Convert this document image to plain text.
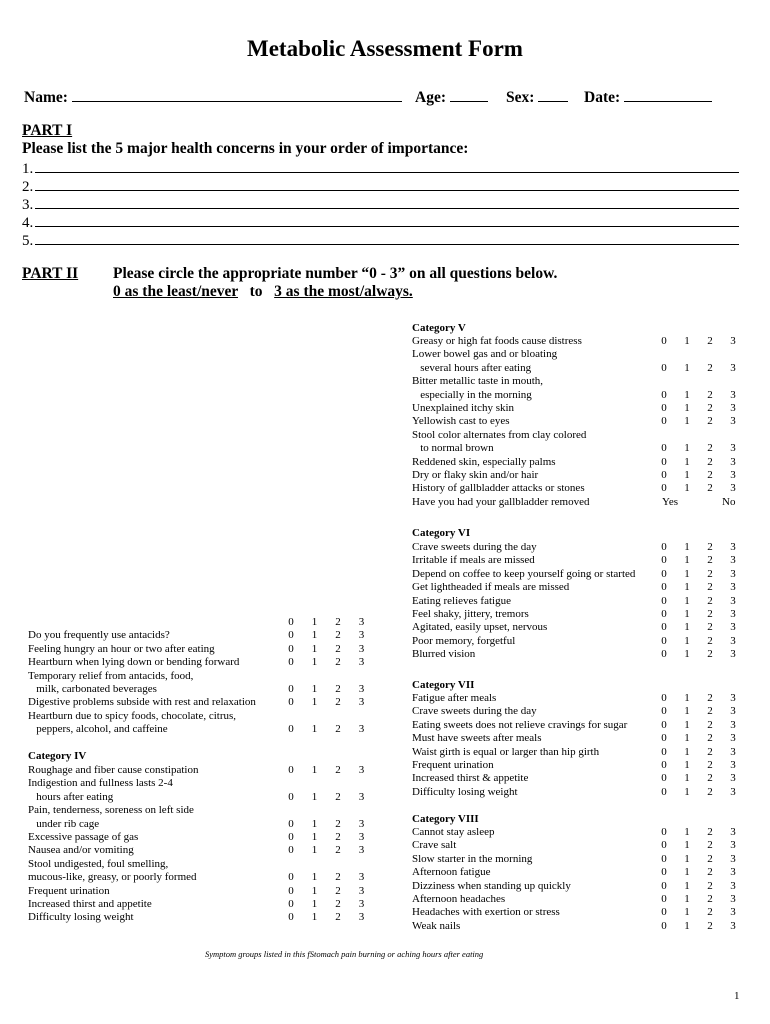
Metabolic Assessment Form
Name:	Age:	Sex:	Date:
PART I
Please list the 5 major health concerns in your order of importance:
1.
2.
3.
4.
5.
PART II Please circle the appropriate number “0 - 3” on all questions below.
0 as the least/never to 3 as the most/always.
0 1 2 3
Do you frequently use antacids?	0 1 2 3
Feeling hungry an hour or two after eating	0 1 2 3
Heartburn when lying down or bending forward	0 1 2 3
Temporary relief from antacids, food,
milk, carbonated beverages	0 1 2 3
Digestive problems subside with rest and relaxation	0 1 2 3
Heartburn due to spicy foods, chocolate, citrus,
peppers, alcohol, and caffeine	0 1 2 3
Category IV
Roughage and fiber cause constipation	0 1 2 3
Indigestion and fullness lasts 2-4
hours after eating	0 1 2 3
Pain, tenderness, soreness on left side
under rib cage	0 1 2 3
Excessive passage of gas	0 1 2 3
Nausea and/or vomiting	0 1 2 3
Stool undigested, foul smelling,
mucous-like, greasy, or poorly formed	0 1 2 3
Frequent urination	0 1 2 3
Increased thirst and appetite	0 1 2 3
Difficulty losing weight	0 1 2 3
Category V
Greasy or high fat foods cause distress	0 1 2 3
Lower bowel gas and or bloating
several hours after eating	0 1 2 3
Bitter metallic taste in mouth,
especially in the morning	0 1 2 3
Unexplained itchy skin	0 1 2 3
Yellowish cast to eyes	0 1 2 3
Stool color alternates from clay colored
to normal brown	0 1 2 3
Reddened skin, especially palms	0 1 2 3
Dry or flaky skin and/or hair	0 1 2 3
History of gallbladder attacks or stones	0 1 2 3
Have you had your gallbladder removed	Yes	No
Category VI
Crave sweets during the day	0 1 2 3
Irritable if meals are missed	0 1 2 3
Depend on coffee to keep yourself going or started 0 1 2 3
Get lightheaded if meals are missed	0 1 2 3
Eating relieves fatigue	0 1 2 3
Feel shaky, jittery, tremors	0 1 2 3
Agitated, easily upset, nervous	0 1 2 3
Poor memory, forgetful	0 1 2 3
Blurred vision	0 1 2 3
Category VII
Fatigue after meals	0 1 2 3
Crave sweets during the day	0 1 2 3
Eating sweets does not relieve cravings for sugar	0 1 2 3
Must have sweets after meals	0 1 2 3
Waist girth is equal or larger than hip girth	0 1 2 3
Frequent urination	0 1 2 3
Increased thirst & appetite	0 1 2 3
Difficulty losing weight	0 1 2 3
Category VIII
Cannot stay asleep	0 1 2 3
Crave salt	0 1 2 3
Slow starter in the morning	0 1 2 3
Afternoon fatigue	0 1 2 3
Dizziness when standing up quickly	0 1 2 3
Afternoon headaches	0 1 2 3
Headaches with exertion or stress	0 1 2 3
Weak nails	0 1 2 3
Symptom groups listed in this fStomach pain burning or aching hours after eating
1
